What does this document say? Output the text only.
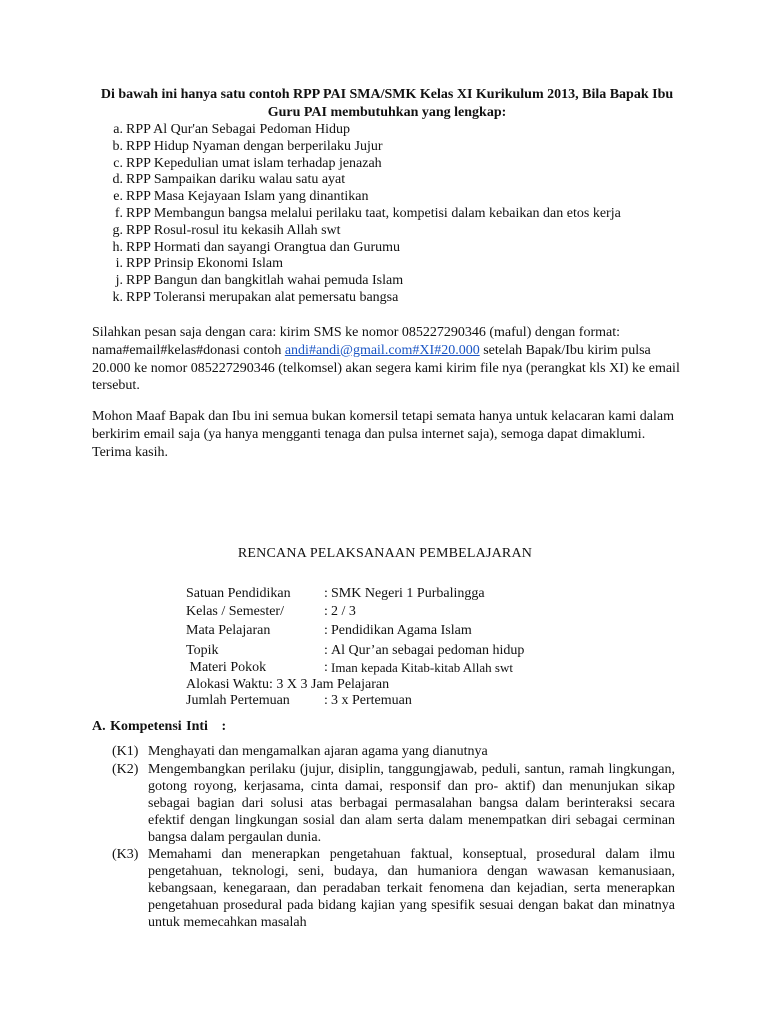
Di bawah ini hanya satu contoh RPP PAI SMA/SMK Kelas XI Kurikulum 2013, Bila Bapak Ibu Guru PAI membutuhkan yang lengkap:
a. RPP Al Qur'an Sebagai Pedoman Hidup
b. RPP Hidup Nyaman dengan berperilaku Jujur
c. RPP Kepedulian umat islam terhadap jenazah
d. RPP Sampaikan dariku walau satu ayat
e. RPP Masa Kejayaan Islam yang dinantikan
f. RPP Membangun bangsa melalui perilaku taat, kompetisi dalam kebaikan dan etos kerja
g. RPP Rosul-rosul itu kekasih Allah swt
h. RPP Hormati dan sayangi Orangtua dan Gurumu
i. RPP Prinsip Ekonomi Islam
j. RPP Bangun dan bangkitlah wahai pemuda Islam
k. RPP Toleransi merupakan alat pemersatu bangsa
Silahkan pesan saja dengan cara: kirim SMS ke nomor 085227290346 (maful) dengan format: nama#email#kelas#donasi contoh andi#andi@gmail.com#XI#20.000 setelah Bapak/Ibu kirim pulsa 20.000 ke nomor 085227290346 (telkomsel) akan segera kami kirim file nya (perangkat kls XI) ke email tersebut.
Mohon Maaf Bapak dan Ibu ini semua bukan komersil tetapi semata hanya untuk kelacaran kami dalam berkirim email saja (ya hanya mengganti tenaga dan pulsa internet saja), semoga dapat dimaklumi. Terima kasih.
RENCANA PELAKSANAAN PEMBELAJARAN
Satuan Pendidikan : SMK Negeri 1 Purbalingga
Kelas / Semester/	: 2 / 3
Mata Pelajaran	: Pendidikan Agama Islam
Topik	: Al Qur’an sebagai pedoman hidup
Materi Pokok	: Iman kepada Kitab-kitab Allah swt
Alokasi Waktu: 3 X 3 Jam Pelajaran
Jumlah Pertemuan : 3 x Pertemuan
A. Kompetensi Inti   :
(K1) Menghayati dan mengamalkan ajaran agama yang dianutnya
(K2) Mengembangkan perilaku (jujur, disiplin, tanggungjawab, peduli, santun, ramah lingkungan, gotong royong, kerjasama, cinta damai, responsif dan pro- aktif) dan menunjukan sikap sebagai bagian dari solusi atas berbagai permasalahan bangsa dalam berinteraksi secara efektif dengan lingkungan sosial dan alam serta dalam menempatkan diri sebagai cerminan bangsa dalam pergaulan dunia.
(K3) Memahami dan menerapkan pengetahuan faktual, konseptual, prosedural dalam ilmu pengetahuan, teknologi, seni, budaya, dan humaniora dengan wawasan kemanusiaan, kebangsaan, kenegaraan, dan peradaban terkait fenomena dan kejadian, serta menerapkan pengetahuan prosedural pada bidang kajian yang spesifik sesuai dengan bakat dan minatnya untuk memecahkan masalah
